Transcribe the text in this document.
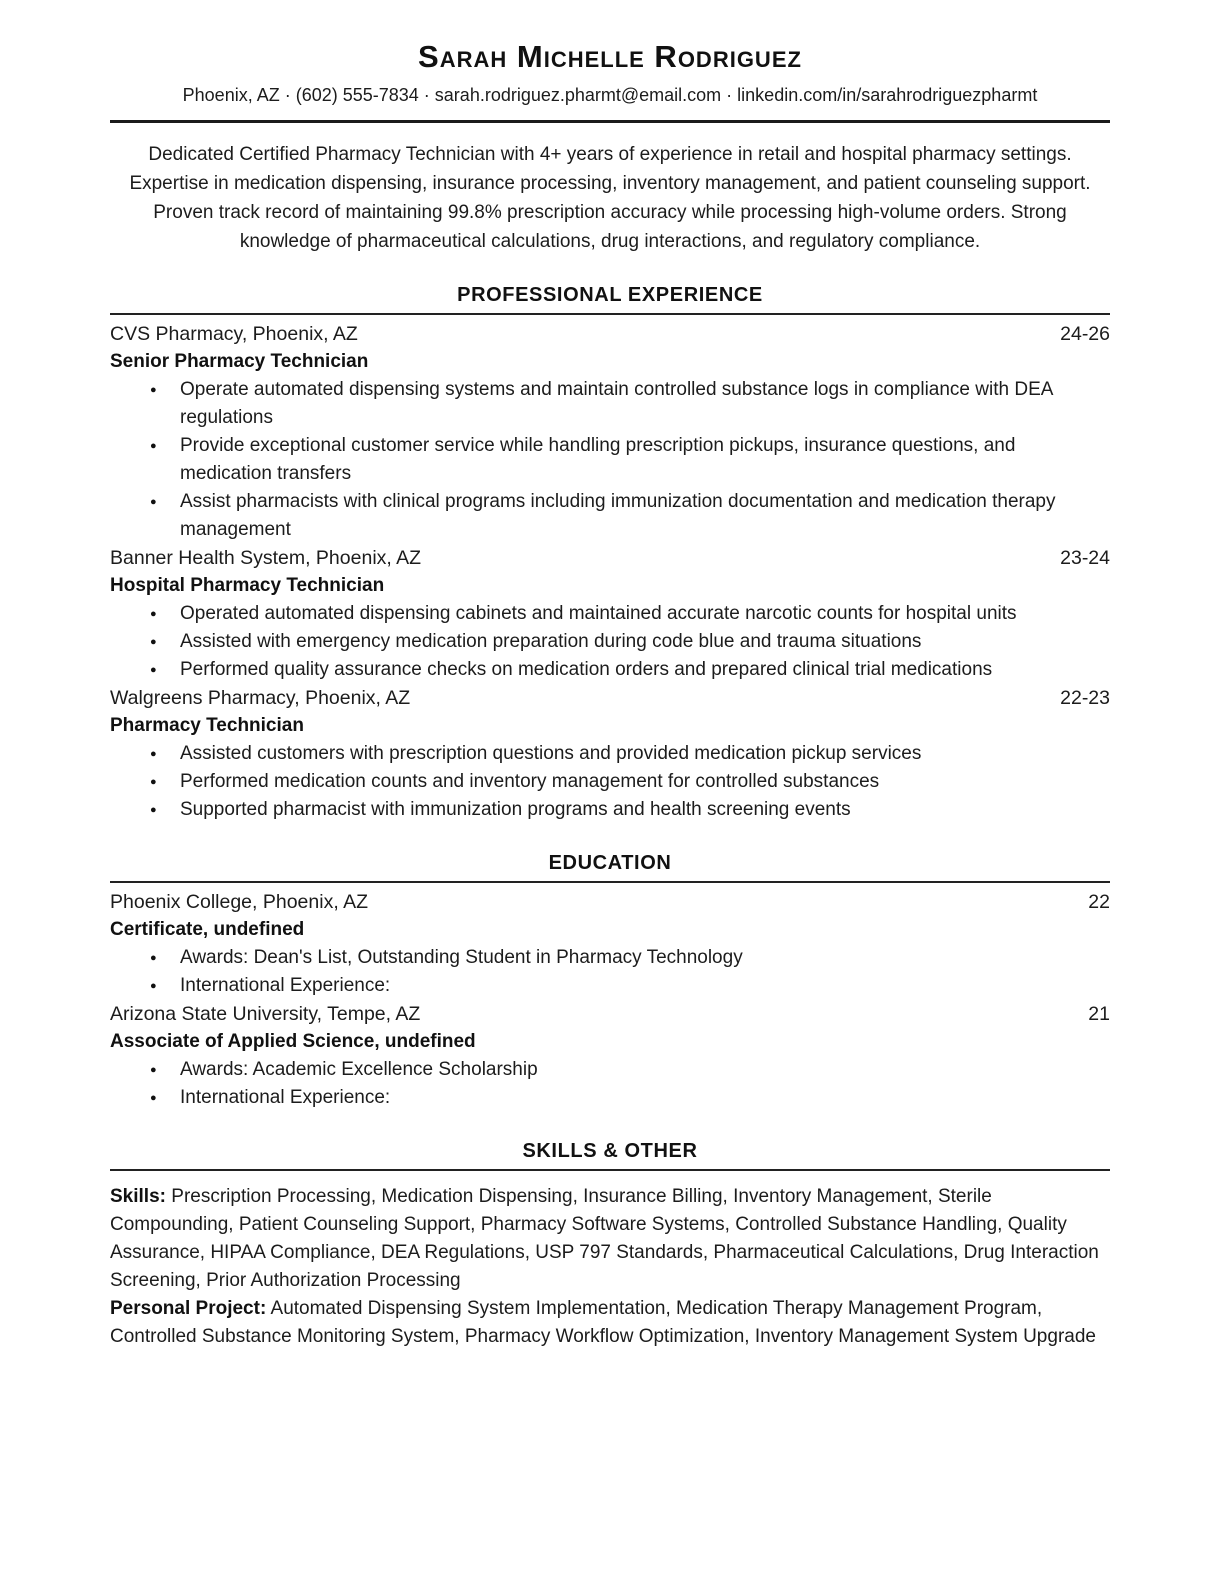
Sarah Michelle Rodriguez
Phoenix, AZ · (602) 555-7834 · sarah.rodriguez.pharmt@email.com · linkedin.com/in/sarahrodriguezpharmt
Dedicated Certified Pharmacy Technician with 4+ years of experience in retail and hospital pharmacy settings. Expertise in medication dispensing, insurance processing, inventory management, and patient counseling support. Proven track record of maintaining 99.8% prescription accuracy while processing high-volume orders. Strong knowledge of pharmaceutical calculations, drug interactions, and regulatory compliance.
PROFESSIONAL EXPERIENCE
CVS Pharmacy, Phoenix, AZ	24-26
Senior Pharmacy Technician
● Operate automated dispensing systems and maintain controlled substance logs in compliance with DEA regulations
● Provide exceptional customer service while handling prescription pickups, insurance questions, and medication transfers
● Assist pharmacists with clinical programs including immunization documentation and medication therapy management
Banner Health System, Phoenix, AZ	23-24
Hospital Pharmacy Technician
● Operated automated dispensing cabinets and maintained accurate narcotic counts for hospital units
● Assisted with emergency medication preparation during code blue and trauma situations
● Performed quality assurance checks on medication orders and prepared clinical trial medications
Walgreens Pharmacy, Phoenix, AZ	22-23
Pharmacy Technician
● Assisted customers with prescription questions and provided medication pickup services
● Performed medication counts and inventory management for controlled substances
● Supported pharmacist with immunization programs and health screening events
EDUCATION
Phoenix College, Phoenix, AZ	22
Certificate, undefined
● Awards: Dean's List, Outstanding Student in Pharmacy Technology
● International Experience:
Arizona State University, Tempe, AZ	21
Associate of Applied Science, undefined
● Awards: Academic Excellence Scholarship
● International Experience:
SKILLS & OTHER

Skills: Prescription Processing, Medication Dispensing, Insurance Billing, Inventory Management, Sterile Compounding, Patient Counseling Support, Pharmacy Software Systems, Controlled Substance Handling, Quality Assurance, HIPAA Compliance, DEA Regulations, USP 797 Standards, Pharmaceutical Calculations, Drug Interaction Screening, Prior Authorization Processing

Personal Project: Automated Dispensing System Implementation, Medication Therapy Management Program, Controlled Substance Monitoring System, Pharmacy Workflow Optimization, Inventory Management System Upgrade
